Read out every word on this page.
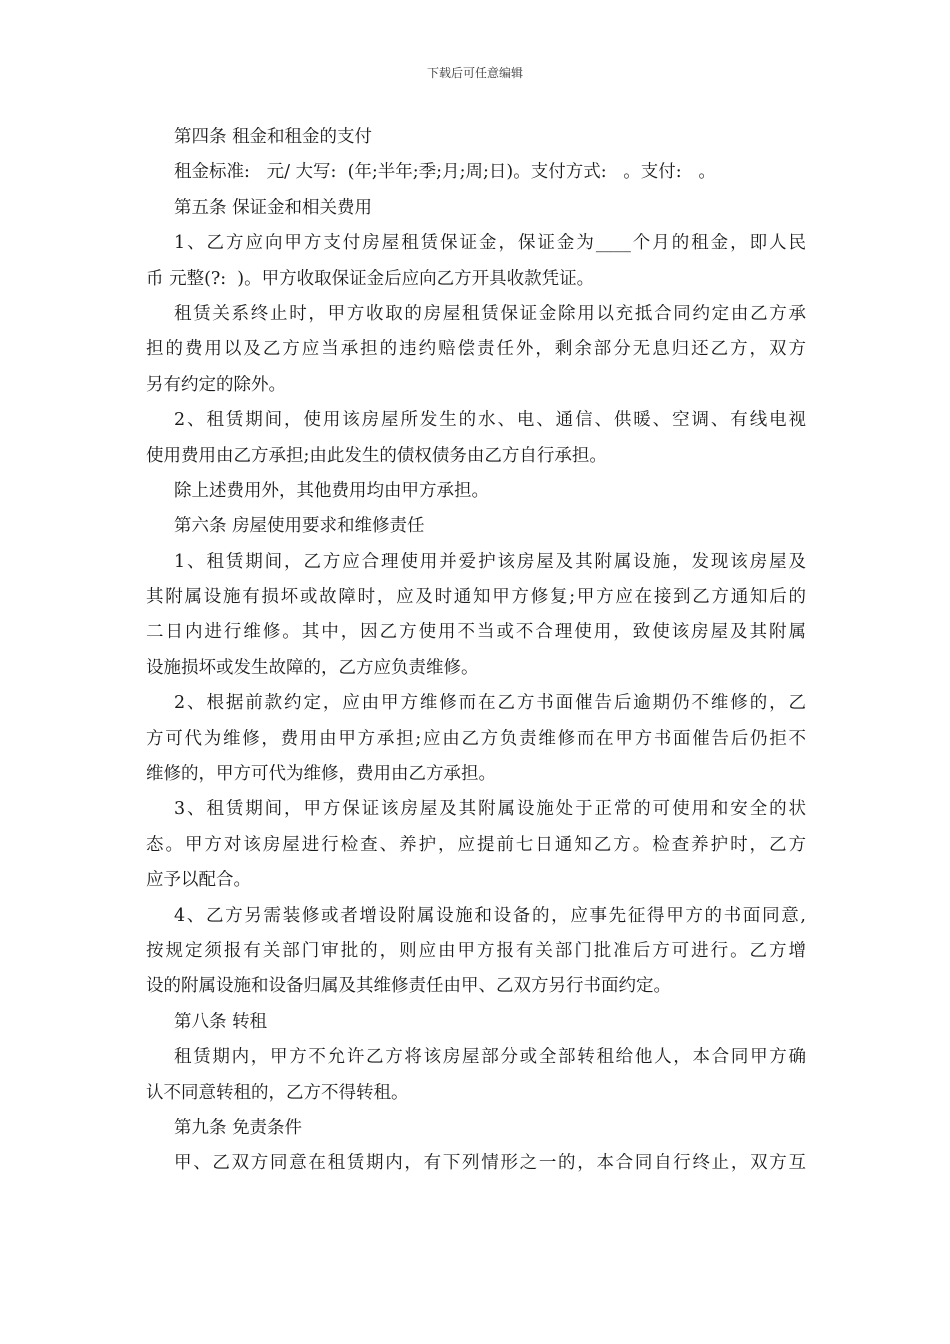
下载后可任意编辑
第四条 租金和租金的支付
租金标准:   元/ 大写:  (年;半年;季;月;周;日)。支付方式:   。支付:   。
第五条 保证金和相关费用
1、乙方应向甲方支付房屋租赁保证金，保证金为____个月的租金，即人民
币 元整(?:  )。甲方收取保证金后应向乙方开具收款凭证。
租赁关系终止时，甲方收取的房屋租赁保证金除用以充抵合同约定由乙方承
担的费用以及乙方应当承担的违约赔偿责任外，剩余部分无息归还乙方，双方
另有约定的除外。
2、租赁期间，使用该房屋所发生的水、电、通信、供暖、空调、有线电视
使用费用由乙方承担;由此发生的债权债务由乙方自行承担。
除上述费用外，其他费用均由甲方承担。
第六条 房屋使用要求和维修责任
1、租赁期间，乙方应合理使用并爱护该房屋及其附属设施，发现该房屋及
其附属设施有损坏或故障时，应及时通知甲方修复;甲方应在接到乙方通知后的
二日内进行维修。其中，因乙方使用不当或不合理使用，致使该房屋及其附属
设施损坏或发生故障的，乙方应负责维修。
2、根据前款约定，应由甲方维修而在乙方书面催告后逾期仍不维修的，乙
方可代为维修，费用由甲方承担;应由乙方负责维修而在甲方书面催告后仍拒不
维修的，甲方可代为维修，费用由乙方承担。
3、租赁期间，甲方保证该房屋及其附属设施处于正常的可使用和安全的状
态。甲方对该房屋进行检查、养护，应提前七日通知乙方。检查养护时，乙方
应予以配合。
4、乙方另需装修或者增设附属设施和设备的，应事先征得甲方的书面同意,
按规定须报有关部门审批的，则应由甲方报有关部门批准后方可进行。乙方增
设的附属设施和设备归属及其维修责任由甲、乙双方另行书面约定。
第八条 转租
租赁期内，甲方不允许乙方将该房屋部分或全部转租给他人，本合同甲方确
认不同意转租的，乙方不得转租。
第九条 免责条件
甲、乙双方同意在租赁期内，有下列情形之一的，本合同自行终止，双方互
